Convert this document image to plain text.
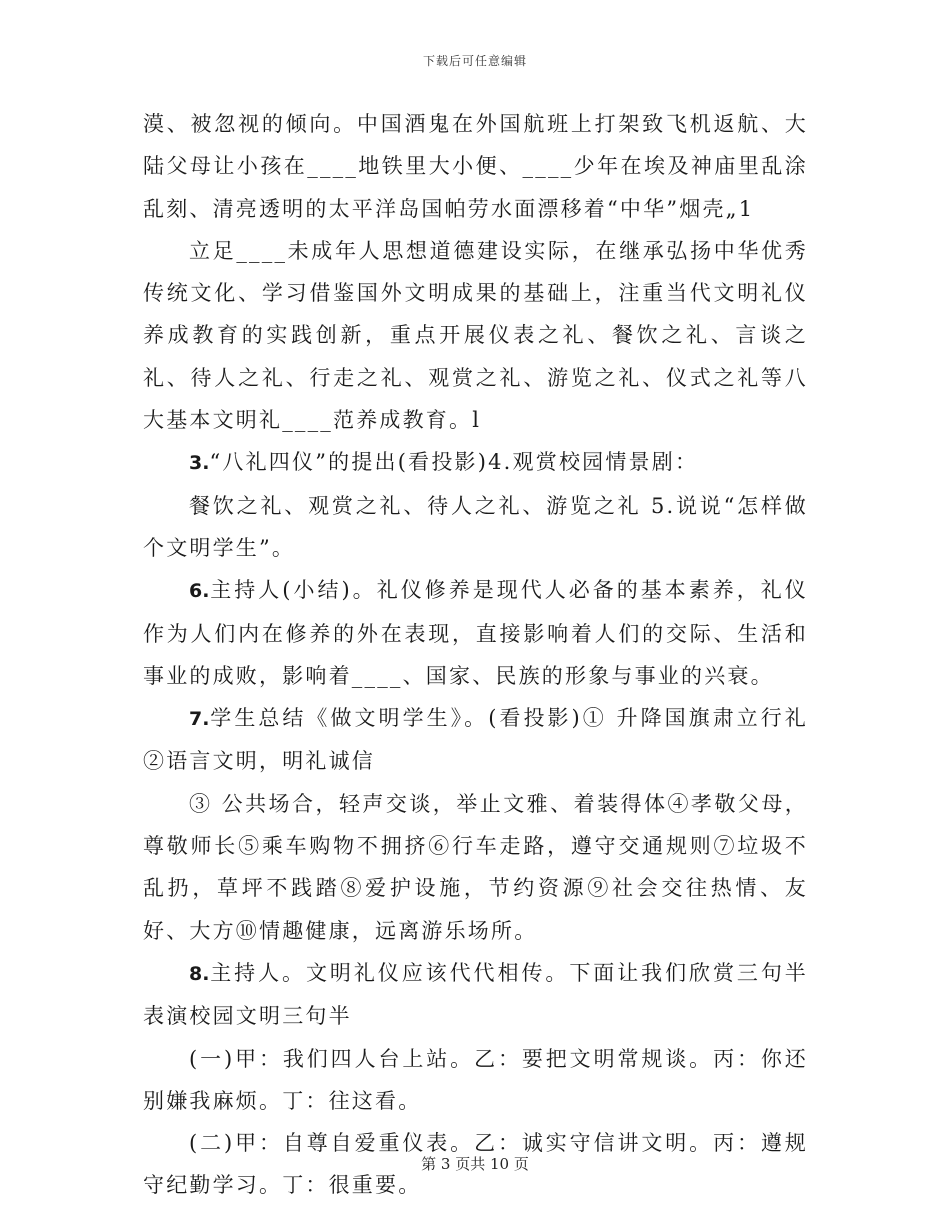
下载后可任意编辑

漠、被忽视的倾向。中国酒鬼在外国航班上打架致飞机返航、大陆父母让小孩在____地铁里大小便、____少年在埃及神庙里乱涂乱刻、清亮透明的太平洋岛国帕劳水面漂移着“中华”烟壳„1

立足____未成年人思想道德建设实际，在继承弘扬中华优秀传统文化、学习借鉴国外文明成果的基础上，注重当代文明礼仪养成教育的实践创新，重点开展仪表之礼、餐饮之礼、言谈之礼、待人之礼、行走之礼、观赏之礼、游览之礼、仪式之礼等八大基本文明礼____范养成教育。l

3.“八礼四仪”的提出(看投影)4.观赏校园情景剧：

餐饮之礼、观赏之礼、待人之礼、游览之礼 5.说说“怎样做个文明学生”。

6.主持人(小结)。礼仪修养是现代人必备的基本素养，礼仪作为人们内在修养的外在表现，直接影响着人们的交际、生活和事业的成败，影响着____、国家、民族的形象与事业的兴衰。

7.学生总结《做文明学生》。(看投影)① 升降国旗肃立行礼②语言文明，明礼诚信

③ 公共场合，轻声交谈，举止文雅、着装得体④孝敬父母，尊敬师长⑤乘车购物不拥挤⑥行车走路，遵守交通规则⑦垃圾不乱扔，草坪不践踏⑧爱护设施，节约资源⑨社会交往热情、友好、大方⑩情趣健康，远离游乐场所。

8.主持人。文明礼仪应该代代相传。下面让我们欣赏三句半表演校园文明三句半

(一)甲：我们四人台上站。乙：要把文明常规谈。丙：你还别嫌我麻烦。丁：往这看。

(二)甲：自尊自爱重仪表。乙：诚实守信讲文明。丙：遵规守纪勤学习。丁：很重要。

第 3 页共 10 页
